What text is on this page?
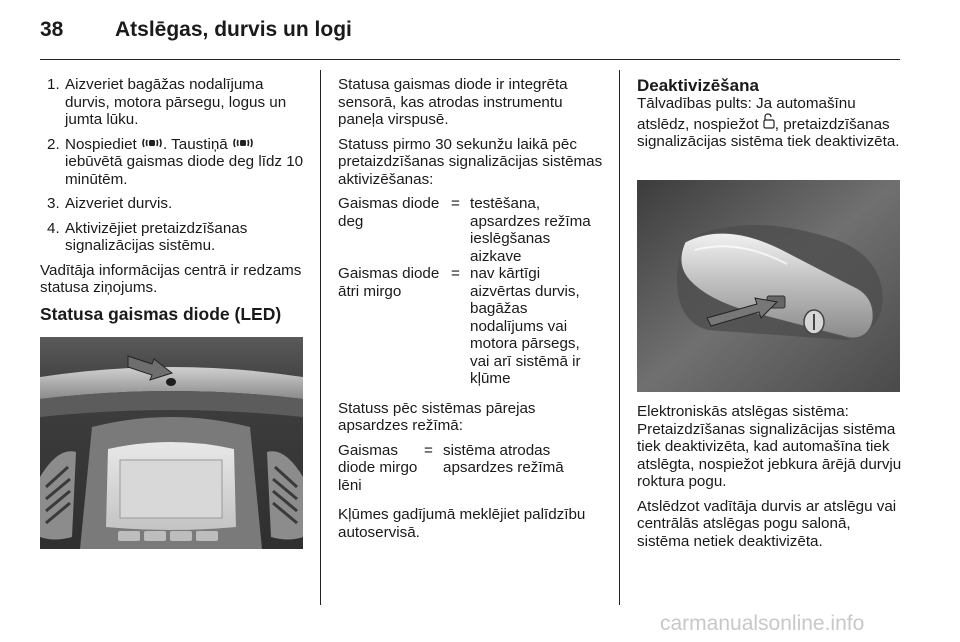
38 Atslēgas, durvis un logi
1. Aizveriet bagāžas nodalījuma durvis, motora pārsegu, logus un jumta lūku.
2. Nospiediet . Taustiņā  iebūvētā gaismas diode deg līdz 10 minūtēm.
3. Aizveriet durvis.
4. Aktivizējiet pretaizdzīšanas signalizācijas sistēmu.

Vadītāja informācijas centrā ir redzams statusa ziņojums.

Statusa gaismas diode (LED)

Statusa gaismas diode ir integrēta sensorā, kas atrodas instrumentu paneļa virspusē.

Statuss pirmo 30 sekunžu laikā pēc pretaizdzīšanas signalizācijas sistēmas aktivizēšanas:

Gaismas diode deg
= testēšana, apsardzes režīma ieslēgšanas aizkave
Gaismas diode ātri mirgo
= nav kārtīgi aizvērtas durvis, bagāžas nodalījums vai motora pārsegs, vai arī sistēmā ir kļūme

Statuss pēc sistēmas pārejas apsardzes režīmā:

Gaismas diode mirgo lēni
= sistēma atrodas apsardzes režīmā

Kļūmes gadījumā meklējiet palīdzību autoservisā.

Deaktivizēšana

Tālvadības pults: Ja automašīnu atslēdz, nospiežot , pretaizdzīšanas signalizācijas sistēma tiek deaktivizēta.

Elektroniskās atslēgas sistēma: Pretaizdzīšanas signalizācijas sistēma tiek deaktivizēta, kad automašīna tiek atslēgta, nospiežot jebkura ārējā durvju roktura pogu.

Atslēdzot vadītāja durvis ar atslēgu vai centrālās atslēgas pogu salonā, sistēma netiek deaktivizēta.

carmanualsonline.info
